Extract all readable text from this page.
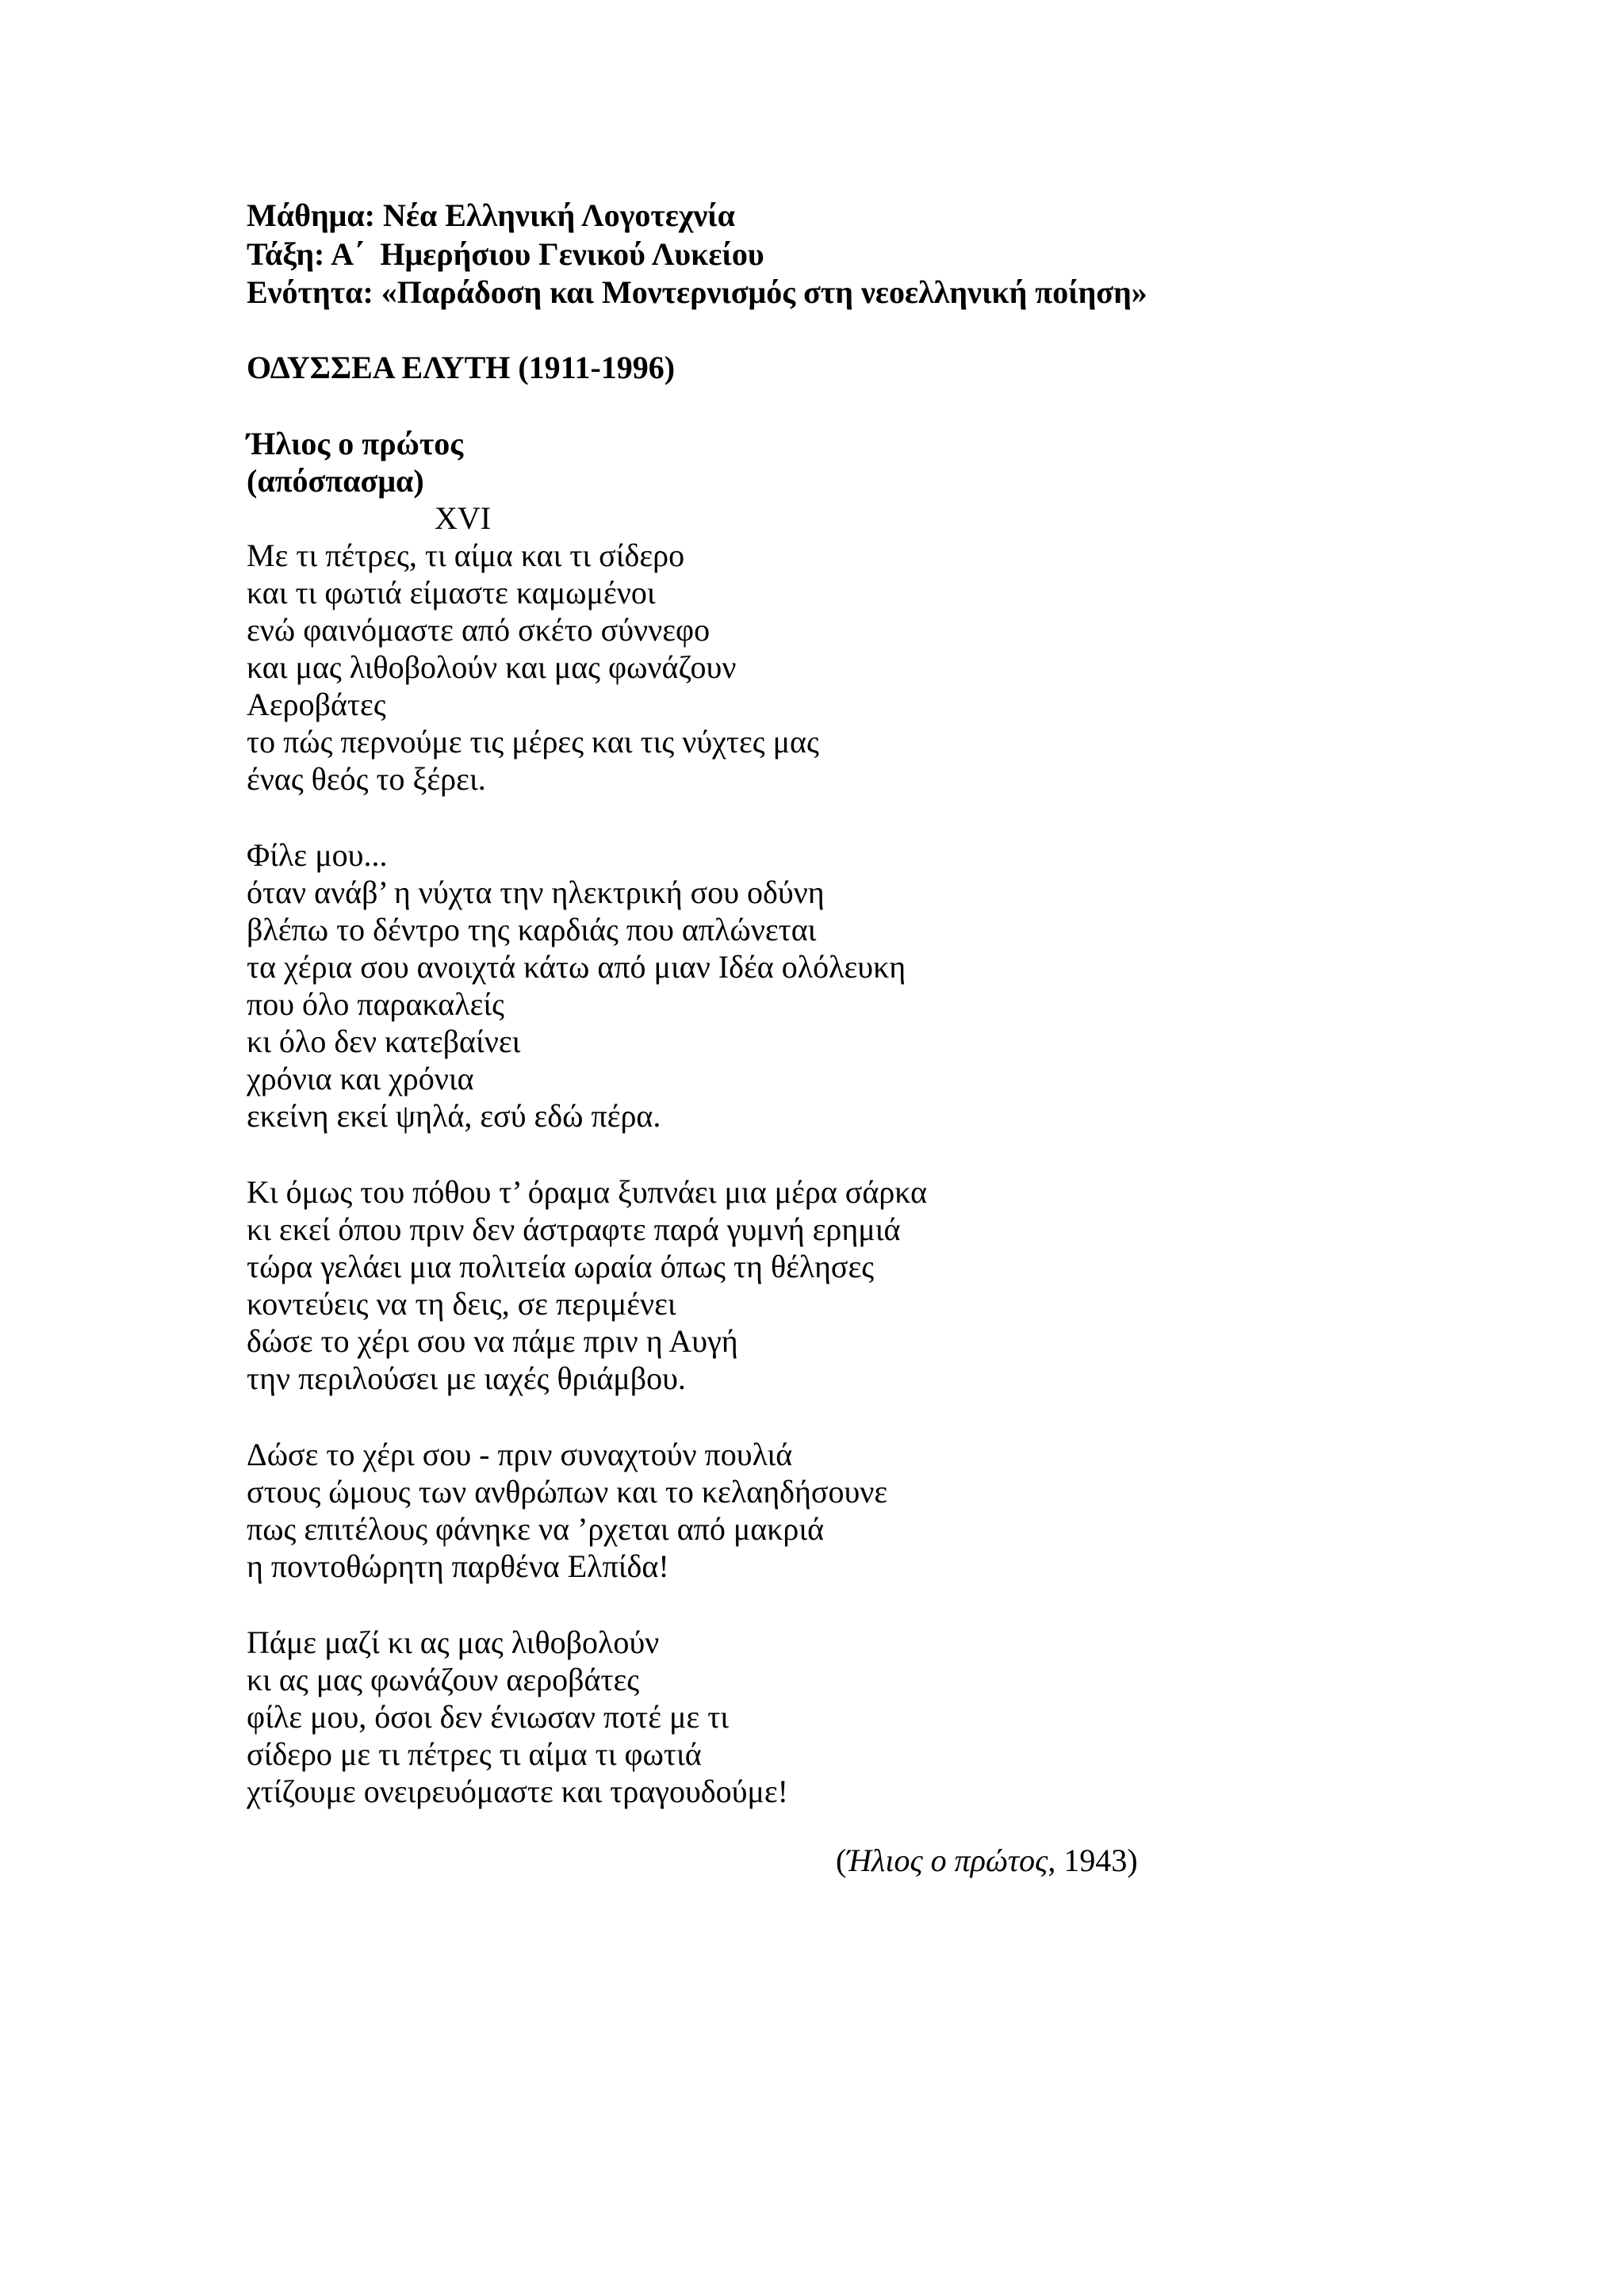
Μάθημα: Νέα Ελληνική Λογοτεχνία

Τάξη: Α΄  Ημερήσιου Γενικού Λυκείου

Ενότητα: «Παράδοση και Μοντερνισμός στη νεοελληνική ποίηση»

ΟΔΥΣΣΕΑ ΕΛΥΤΗ (1911-1996)

Ήλιος ο πρώτος

(απόσπασμα)

XVI

Με τι πέτρες, τι αίμα και τι σίδερο

και τι φωτιά είμαστε καμωμένοι

ενώ φαινόμαστε από σκέτο σύννεφο

και μας λιθοβολούν και μας φωνάζουν

Αεροβάτες

το πώς περνούμε τις μέρες και τις νύχτες μας

ένας θεός το ξέρει.

Φίλε μου...

όταν ανάβ’ η νύχτα την ηλεκτρική σου οδύνη

βλέπω το δέντρο της καρδιάς που απλώνεται

τα χέρια σου ανοιχτά κάτω από μιαν Ιδέα ολόλευκη

που όλο παρακαλείς

κι όλο δεν κατεβαίνει

χρόνια και χρόνια

εκείνη εκεί ψηλά, εσύ εδώ πέρα.

Κι όμως του πόθου τ’ όραμα ξυπνάει μια μέρα σάρκα

κι εκεί όπου πριν δεν άστραφτε παρά γυμνή ερημιά

τώρα γελάει μια πολιτεία ωραία όπως τη θέλησες

κοντεύεις να τη δεις, σε περιμένει

δώσε το χέρι σου να πάμε πριν η Αυγή

την περιλούσει με ιαχές θριάμβου.

Δώσε το χέρι σου - πριν συναχτούν πουλιά

στους ώμους των ανθρώπων και το κελαηδήσουνε

πως επιτέλους φάνηκε να ’ρχεται από μακριά

η ποντοθώρητη παρθένα Ελπίδα!

Πάμε μαζί κι ας μας λιθοβολούν

κι ας μας φωνάζουν αεροβάτες

φίλε μου, όσοι δεν ένιωσαν ποτέ με τι

σίδερο με τι πέτρες τι αίμα τι φωτιά

χτίζουμε ονειρευόμαστε και τραγουδούμε!

(Ήλιος ο πρώτος, 1943)
